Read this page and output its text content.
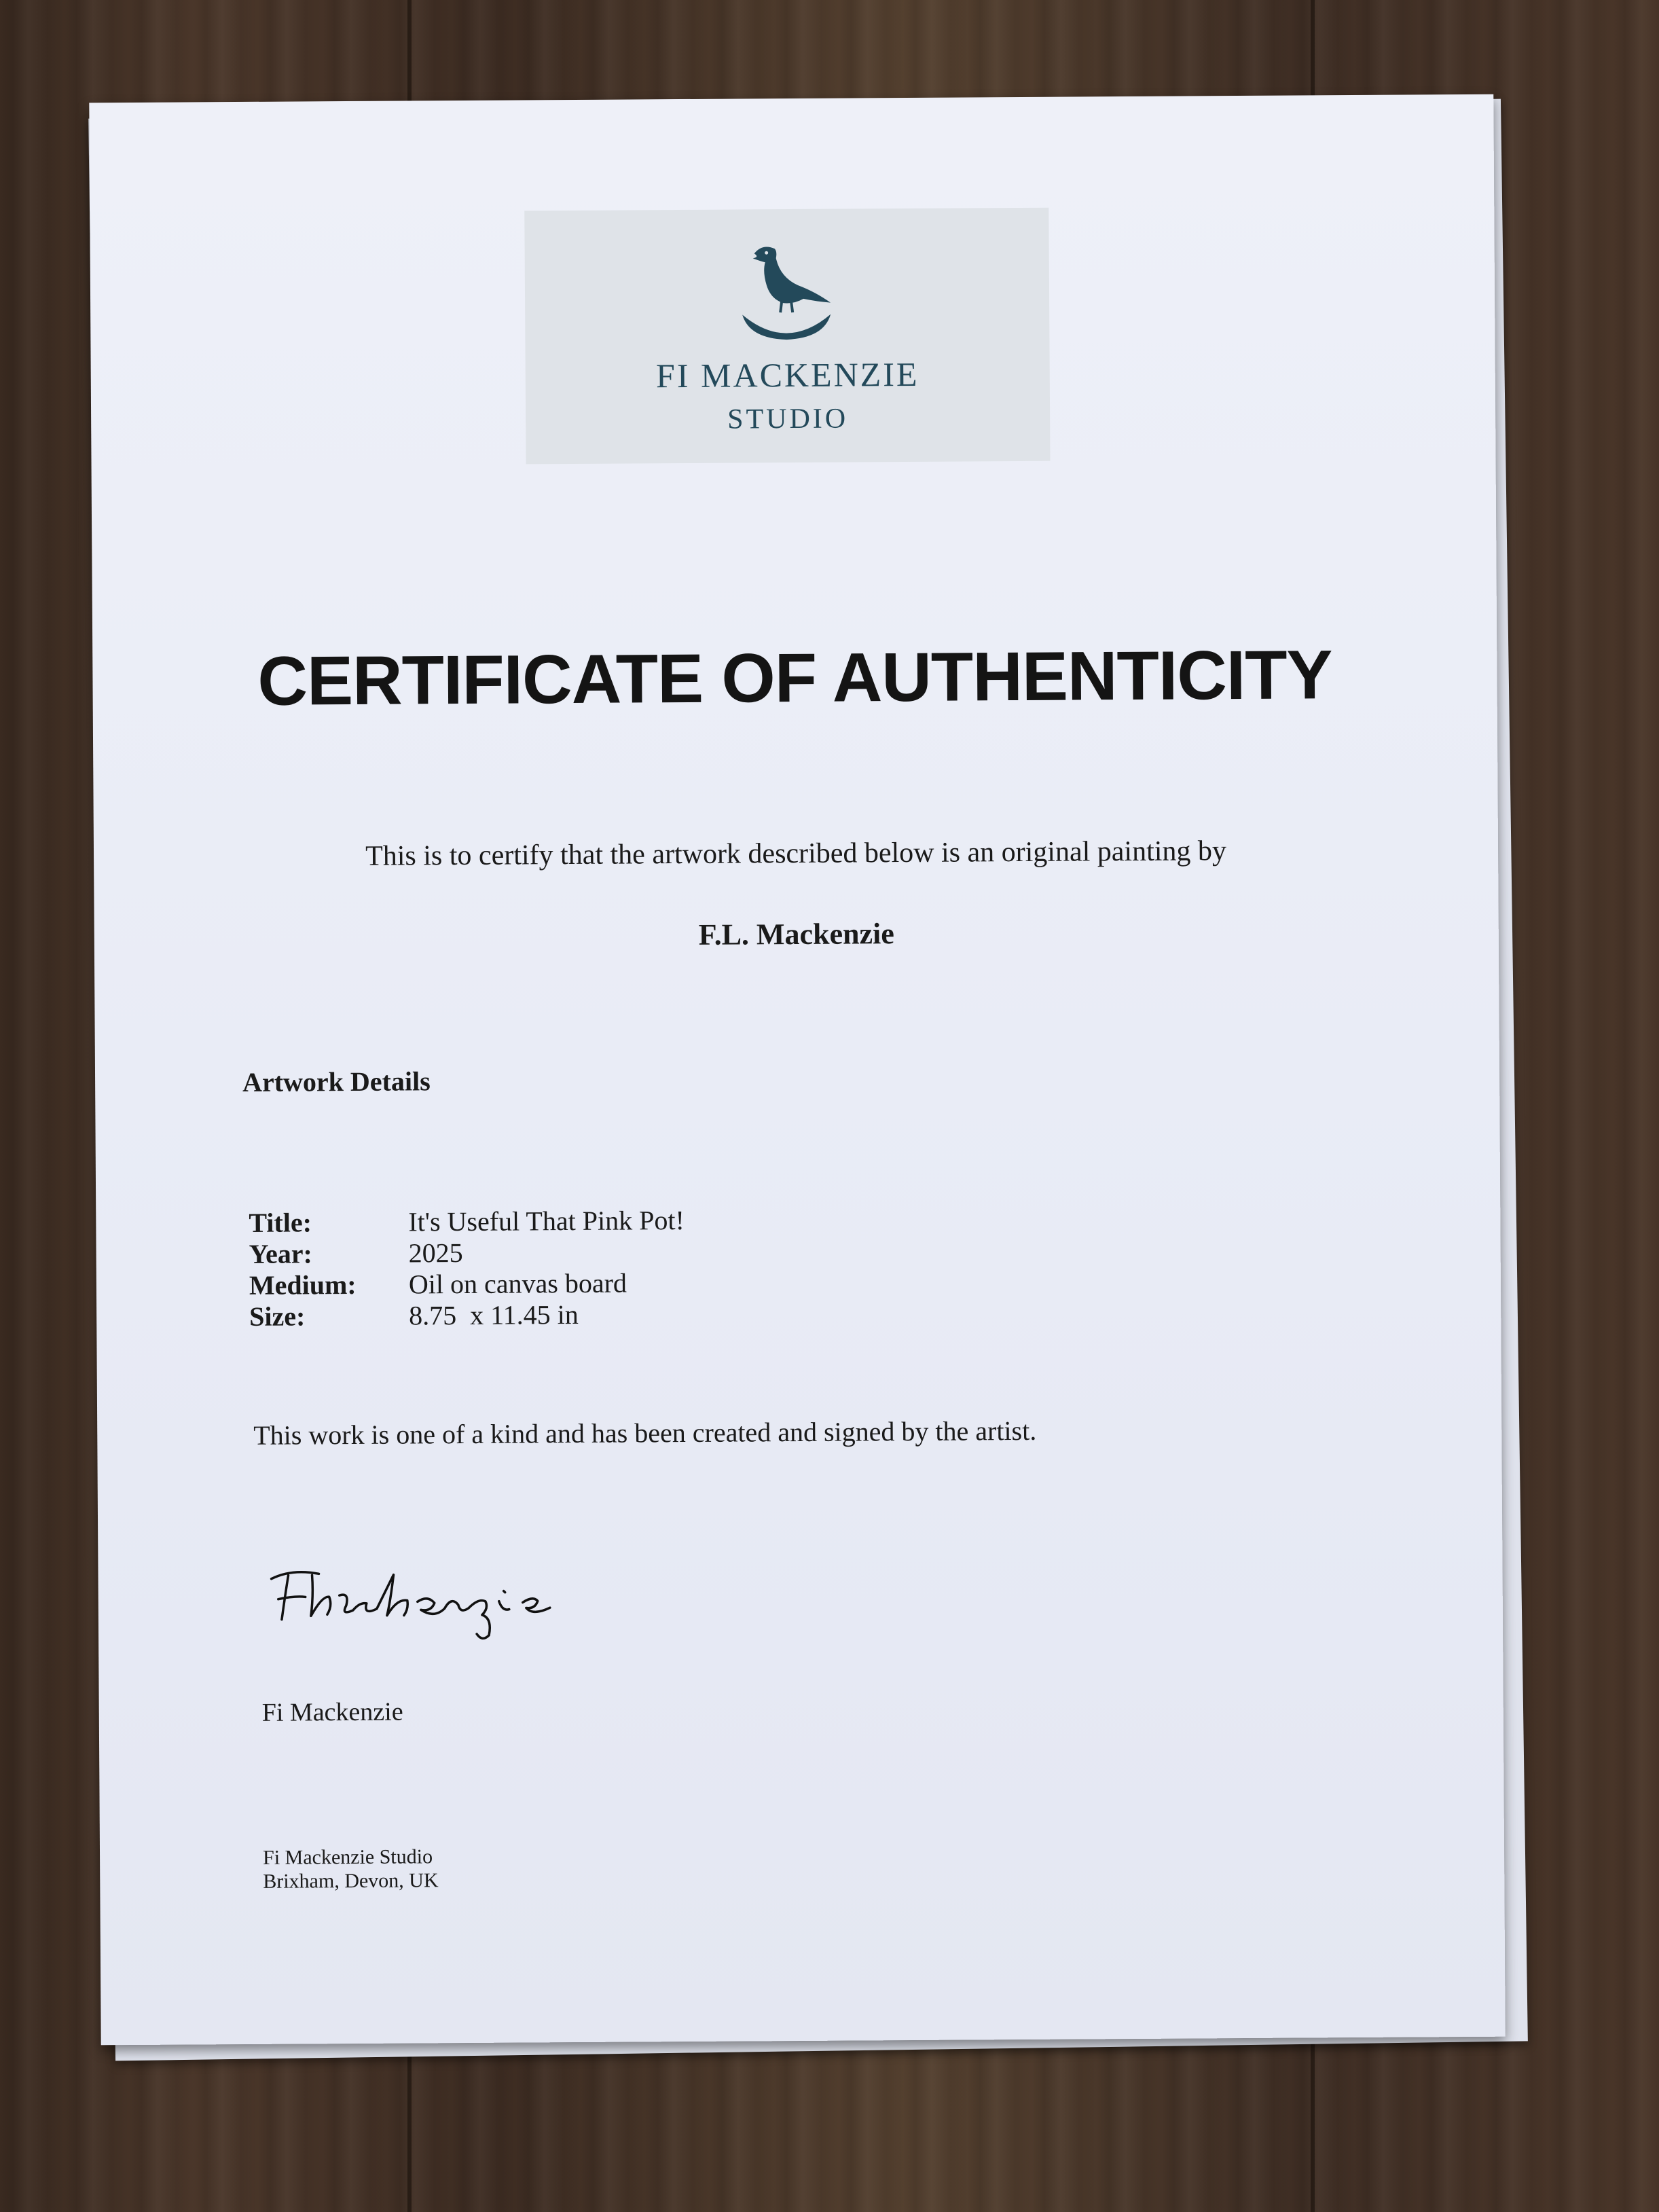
FI MACKENZIE
STUDIO
CERTIFICATE OF AUTHENTICITY
This is to certify that the artwork described below is an original painting by
F.L. Mackenzie
Artwork Details
Title:	It's Useful That Pink Pot!
Year:	2025
Medium:	Oil on canvas board
Size:	8.75  x 11.45 in
This work is one of a kind and has been created and signed by the artist.
Fi Mackenzie
Fi Mackenzie Studio
Brixham, Devon, UK
